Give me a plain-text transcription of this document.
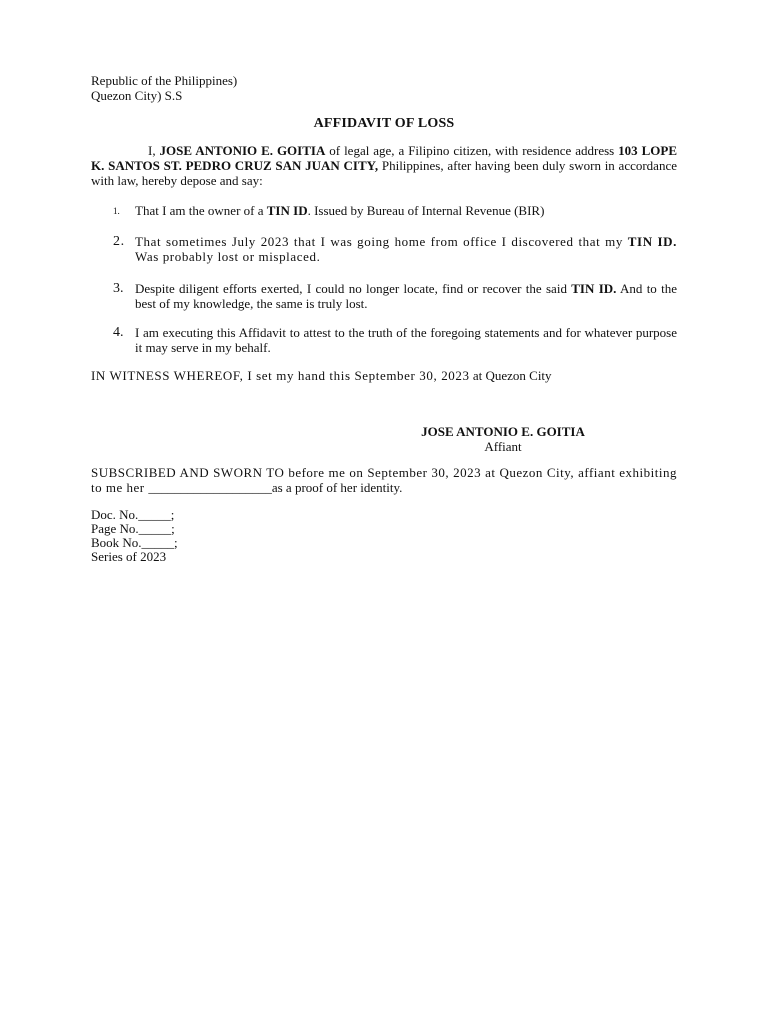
Republic of the Philippines)
Quezon City) S.S
AFFIDAVIT OF LOSS
I, JOSE ANTONIO E. GOITIA of legal age, a Filipino citizen, with residence address 103 LOPE K. SANTOS ST. PEDRO CRUZ SAN JUAN CITY, Philippines, after having been duly sworn in accordance with law, hereby depose and say:
1.	That I am the owner of a TIN ID. Issued by Bureau of Internal Revenue (BIR)
2. That sometimes July 2023 that I was going home from office I discovered that my TIN ID. Was probably lost or misplaced.
3. Despite diligent efforts exerted, I could no longer locate, find or recover the said TIN ID. And to the best of my knowledge, the same is truly lost.
4. I am executing this Affidavit to attest to the truth of the foregoing statements and for whatever purpose it may serve in my behalf.
IN WITNESS WHEREOF, I set my hand this September 30, 2023 at Quezon City
JOSE ANTONIO E. GOITIA
Affiant
SUBSCRIBED AND SWORN TO before me on September 30, 2023 at Quezon City, affiant exhibiting to me her ___________________as a proof of her identity.
Doc. No._____;
Page No._____;
Book No._____;
Series of 2023
